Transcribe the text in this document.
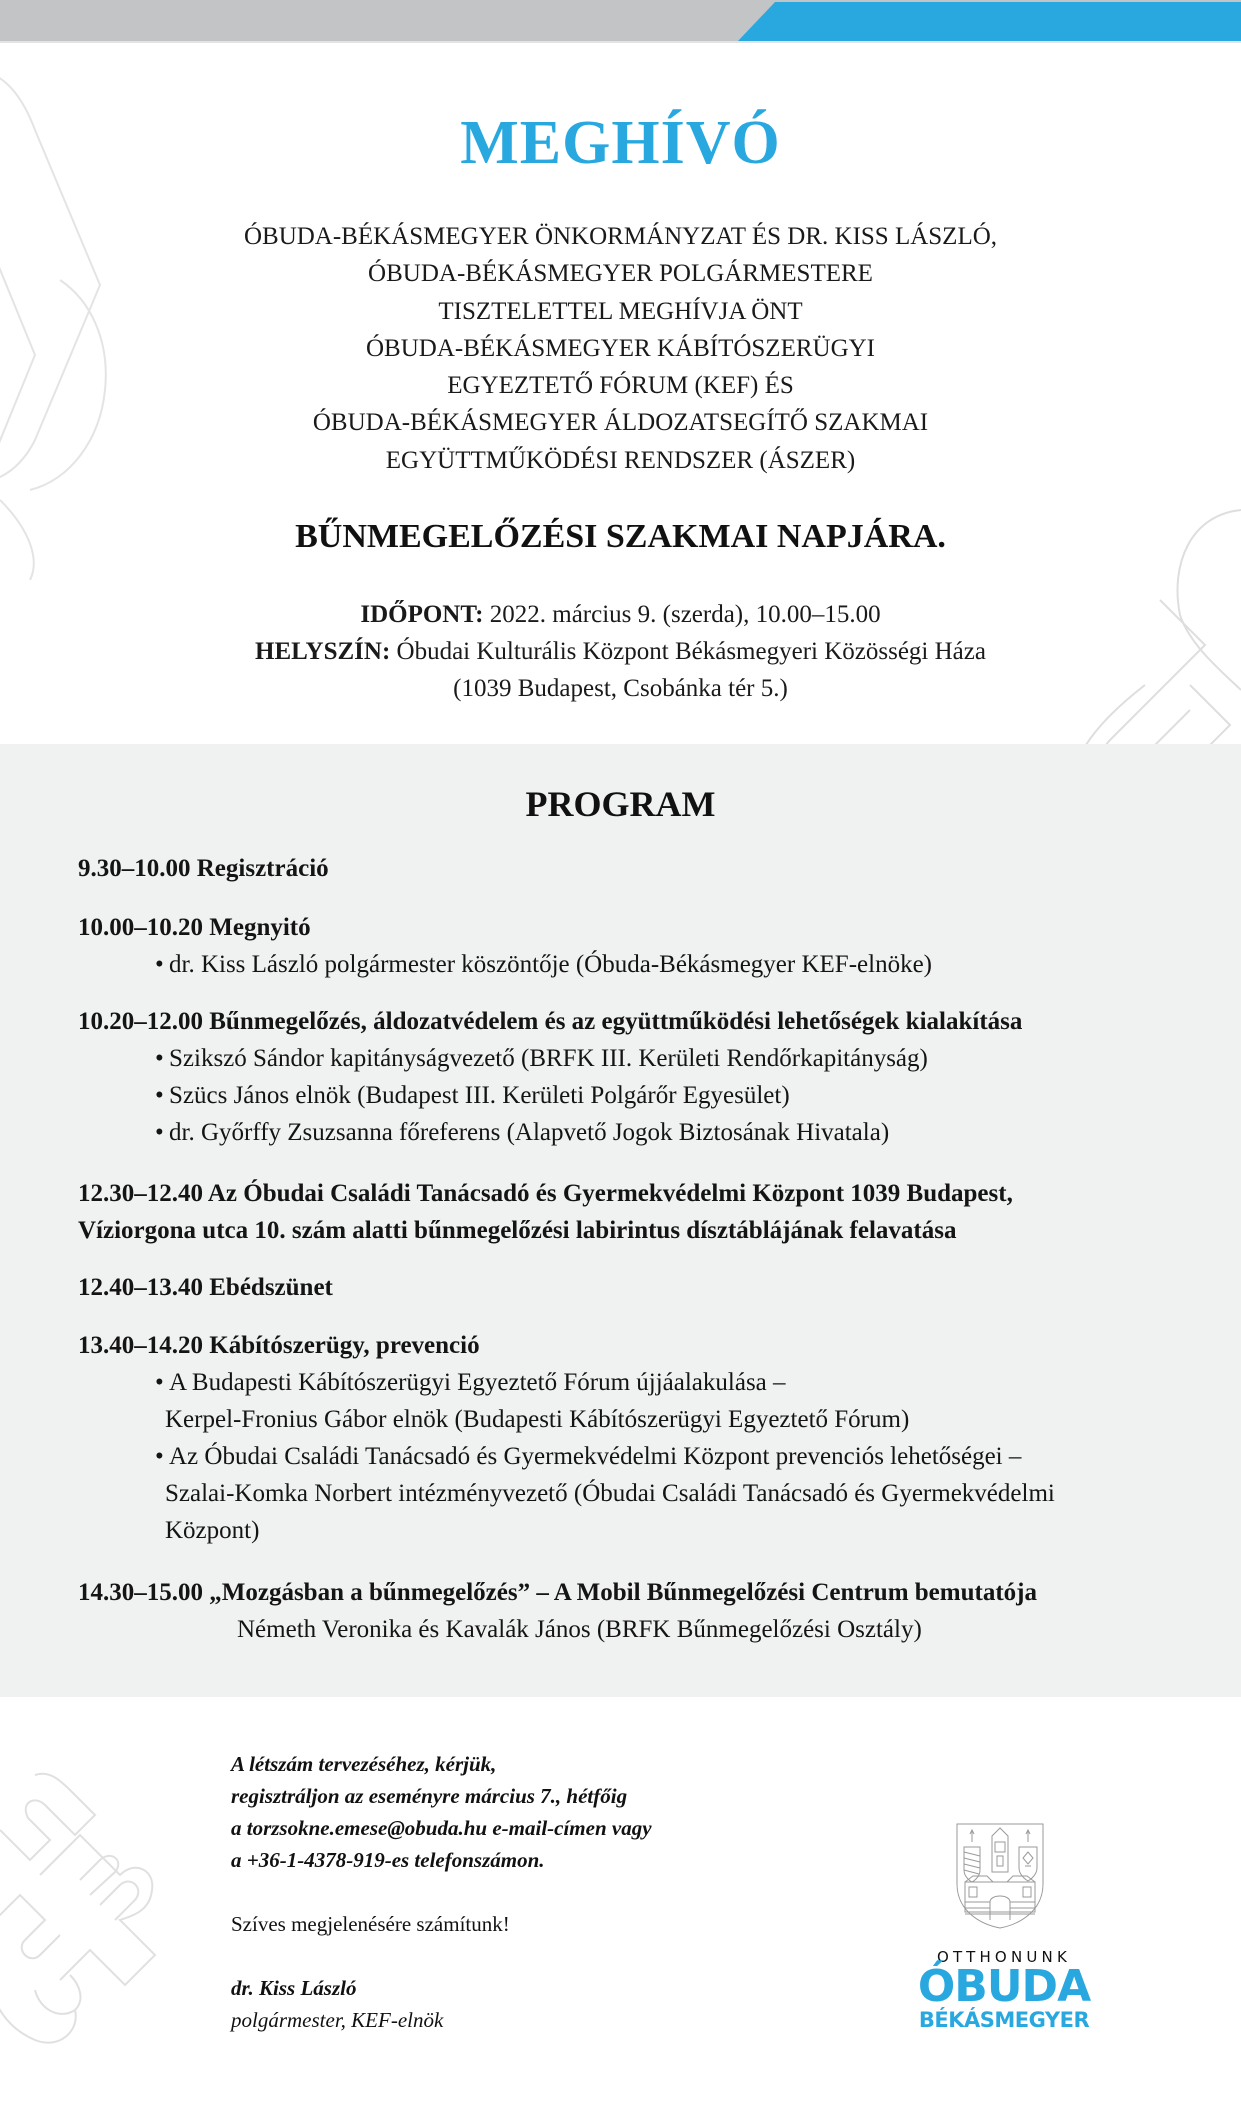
MEGHÍVÓ
ÓBUDA-BÉKÁSMEGYER ÖNKORMÁNYZAT ÉS DR. KISS LÁSZLÓ,
ÓBUDA-BÉKÁSMEGYER POLGÁRMESTERE
TISZTELETTEL MEGHÍVJA ÖNT
ÓBUDA-BÉKÁSMEGYER KÁBÍTÓSZERÜGYI
EGYEZTETŐ FÓRUM (KEF) ÉS
ÓBUDA-BÉKÁSMEGYER ÁLDOZATSEGÍTŐ SZAKMAI
EGYÜTTMŰKÖDÉSI RENDSZER (ÁSZER)
BŰNMEGELŐZÉSI SZAKMAI NAPJÁRA.
IDŐPONT: 2022. március 9. (szerda), 10.00–15.00
HELYSZÍN: Óbudai Kulturális Központ Békásmegyeri Közösségi Háza
(1039 Budapest, Csobánka tér 5.)
PROGRAM
9.30–10.00 Regisztráció
10.00–10.20 Megnyitó
• dr. Kiss László polgármester köszöntője (Óbuda-Békásmegyer KEF-elnöke)
10.20–12.00 Bűnmegelőzés, áldozatvédelem és az együttműködési lehetőségek kialakítása
• Szikszó Sándor kapitányságvezető (BRFK III. Kerületi Rendőrkapitányság)
• Szücs János elnök (Budapest III. Kerületi Polgárőr Egyesület)
• dr. Győrffy Zsuzsanna főreferens (Alapvető Jogok Biztosának Hivatala)
12.30–12.40 Az Óbudai Családi Tanácsadó és Gyermekvédelmi Központ 1039 Budapest,
Víziorgona utca 10. szám alatti bűnmegelőzési labirintus dísztáblájának felavatása
12.40–13.40 Ebédszünet
13.40–14.20 Kábítószerügy, prevenció
• A Budapesti Kábítószerügyi Egyeztető Fórum újjáalakulása –
Kerpel-Fronius Gábor elnök (Budapesti Kábítószerügyi Egyeztető Fórum)
• Az Óbudai Családi Tanácsadó és Gyermekvédelmi Központ prevenciós lehetőségei –
Szalai-Komka Norbert intézményvezető (Óbudai Családi Tanácsadó és Gyermekvédelmi
Központ)
14.30–15.00 „Mozgásban a bűnmegelőzés” – A Mobil Bűnmegelőzési Centrum bemutatója
Németh Veronika és Kavalák János (BRFK Bűnmegelőzési Osztály)
A létszám tervezéséhez, kérjük,
regisztráljon az eseményre március 7., hétfőig
a torzsokne.emese@obuda.hu e-mail-címen vagy
a +36-1-4378-919-es telefonszámon.
Szíves megjelenésére számítunk!
dr. Kiss László
polgármester, KEF-elnök
OTTHONUNK
ÓBUDA
BÉKÁSMEGYER
